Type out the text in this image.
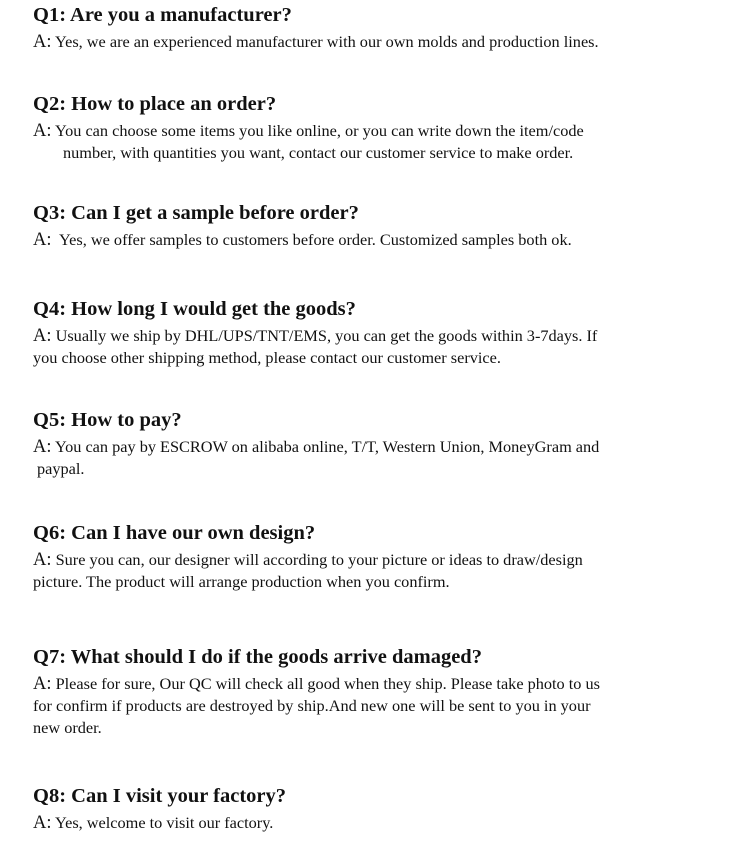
Q1: Are you a manufacturer?

A: Yes, we are an experienced manufacturer with our own molds and production lines.

Q2: How to place an order?

A: You can choose some items you like online, or you can write down the item/code
number, with quantities you want, contact our customer service to make order.

Q3: Can I get a sample before order?

A:  Yes, we offer samples to customers before order. Customized samples both ok.

Q4: How long I would get the goods?

A: Usually we ship by DHL/UPS/TNT/EMS, you can get the goods within 3-7days. If
you choose other shipping method, please contact our customer service.

Q5: How to pay?

A: You can pay by ESCROW on alibaba online, T/T, Western Union, MoneyGram and
paypal.

Q6: Can I have our own design?

A: Sure you can, our designer will according to your picture or ideas to draw/design
picture. The product will arrange production when you confirm.

Q7: What should I do if the goods arrive damaged?

A: Please for sure, Our QC will check all good when they ship. Please take photo to us
for confirm if products are destroyed by ship.And new one will be sent to you in your
new order.

Q8: Can I visit your factory?

A: Yes, welcome to visit our factory.
